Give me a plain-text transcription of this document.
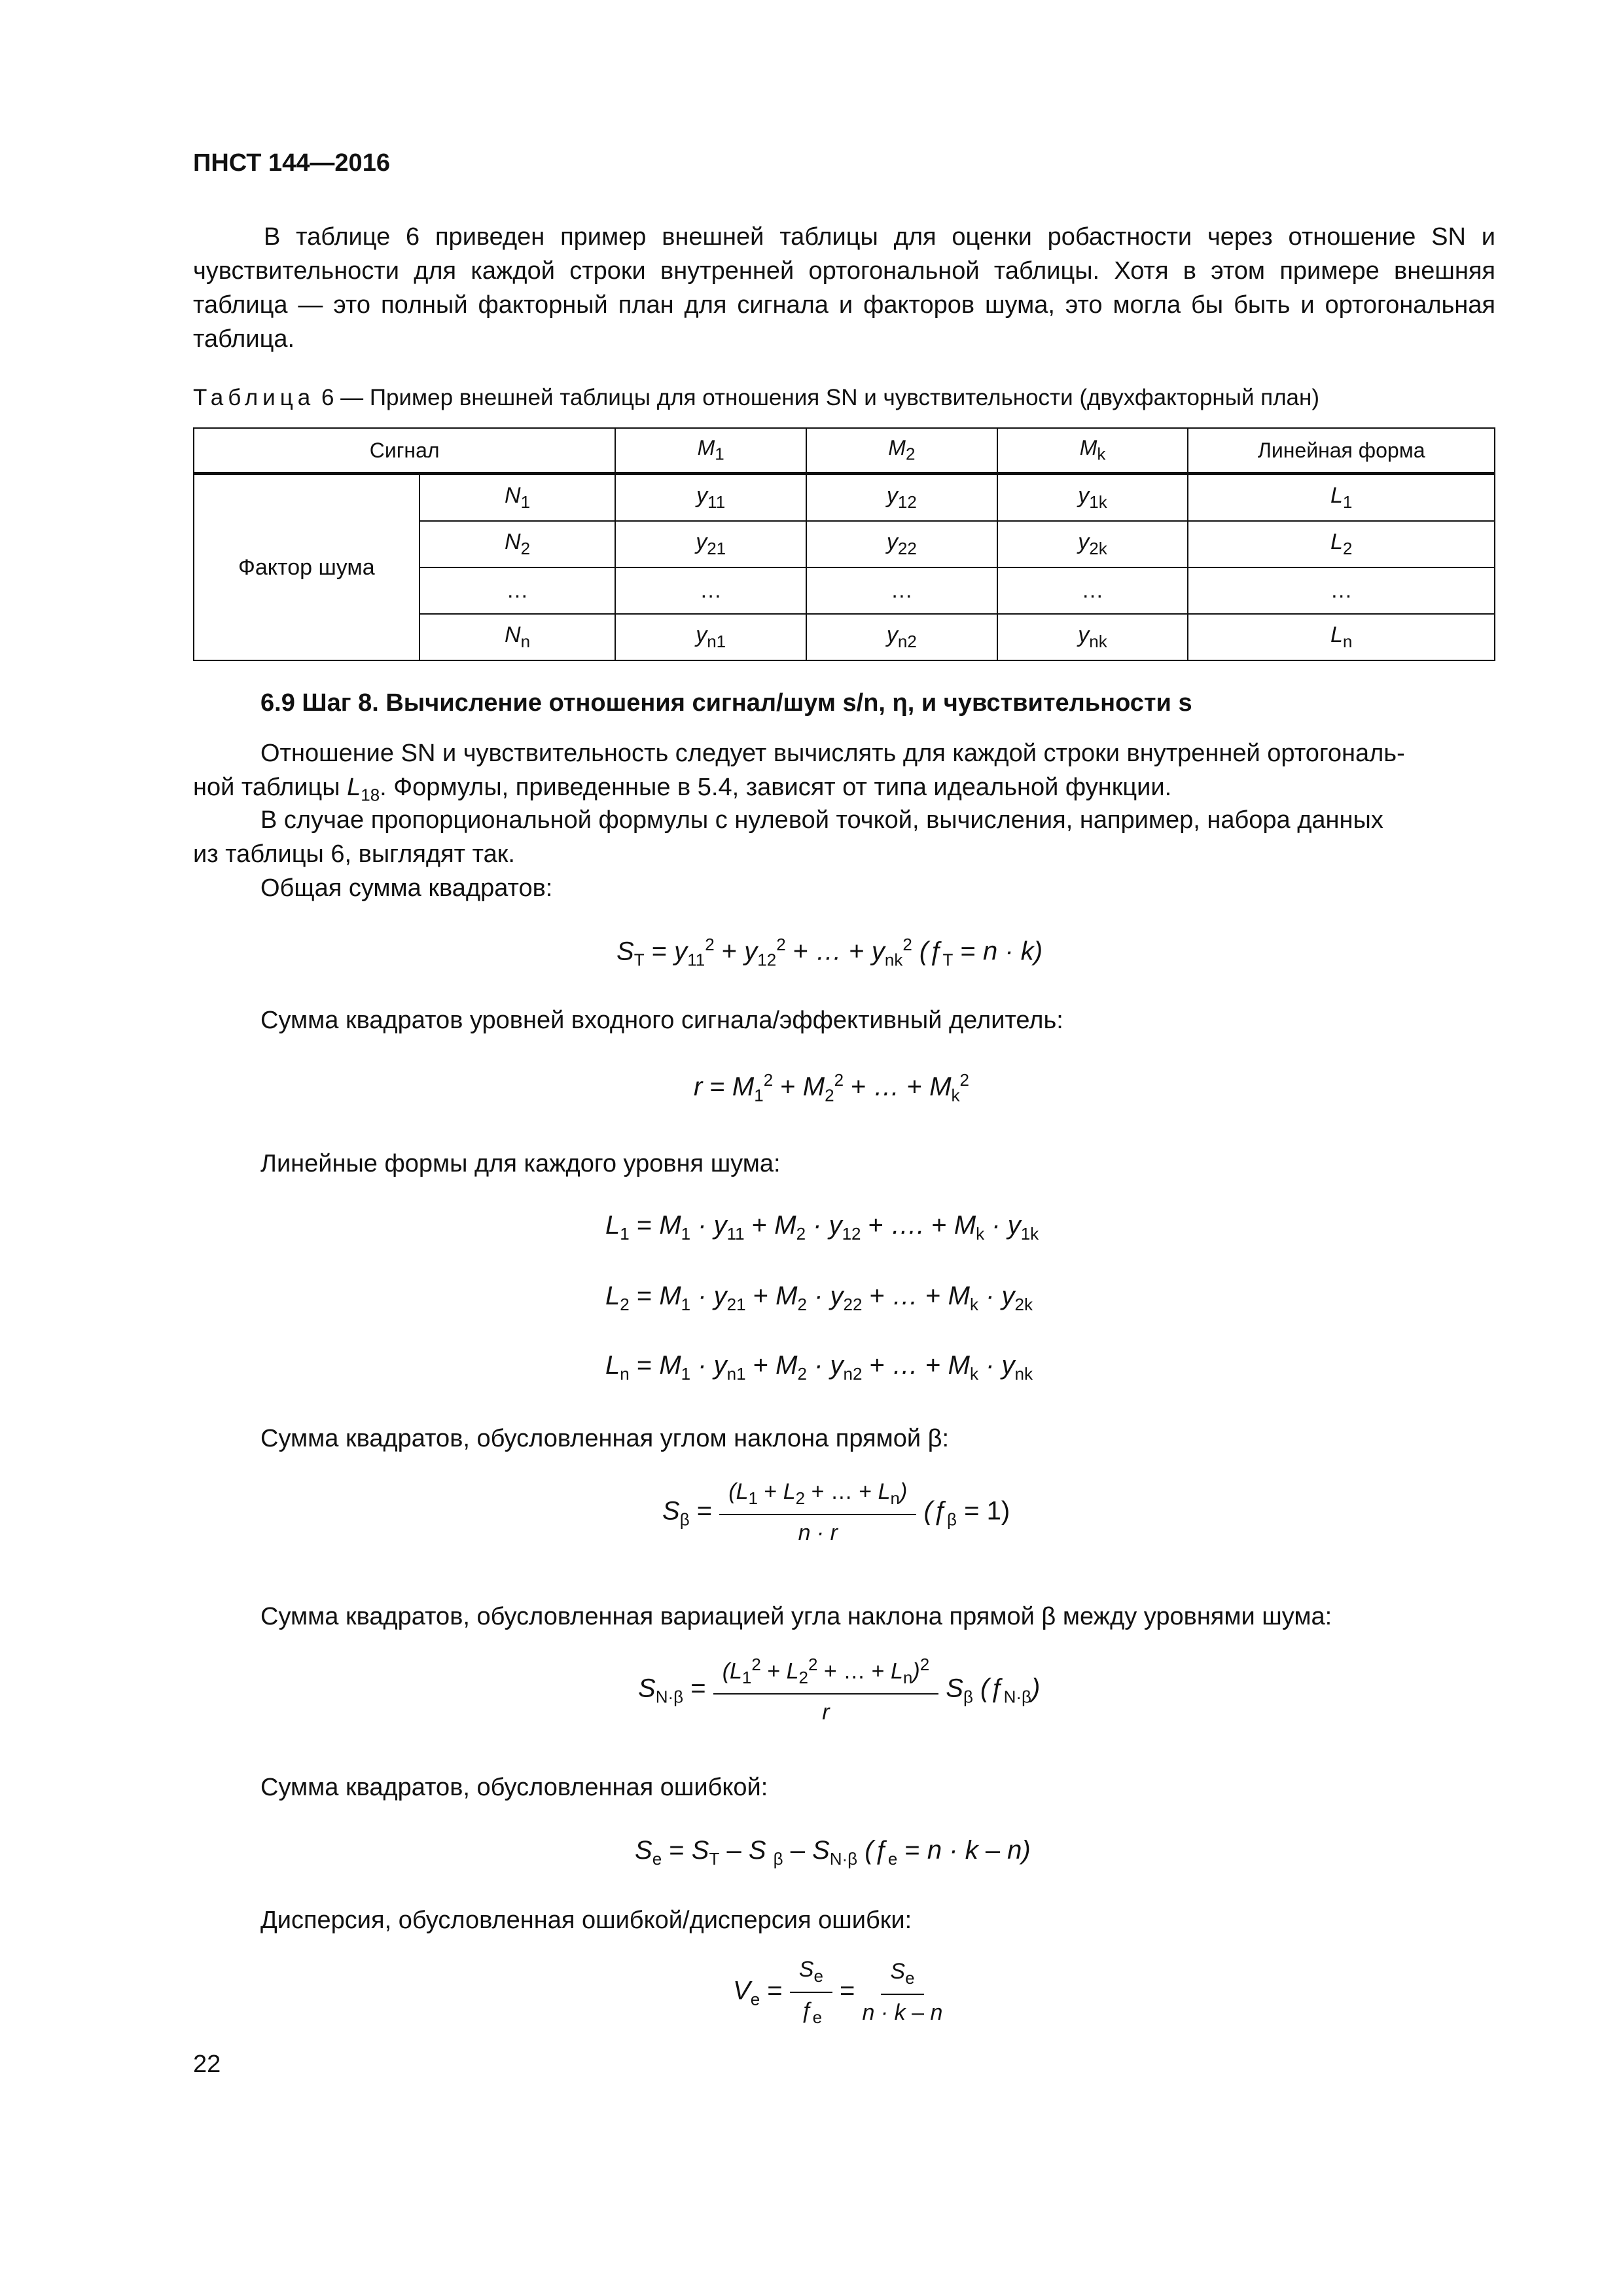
ПНСТ 144—2016
В таблице 6 приведен пример внешней таблицы для оценки робастности через отношение SN и чувствительности для каждой строки внутренней ортогональной таблицы. Хотя в этом примере внешняя таблица — это полный факторный план для сигнала и факторов шума, это могла бы быть и ортогональная таблица.
Таблица 6 — Пример внешней таблицы для отношения SN и чувствительности (двухфакторный план)
Сигнал		$M_1$	$M_2$	$M_k$	Линейная форма
Фактор шума	$N_1$	$y_{11}$	$y_{12}$	$y_{1k}$	$L_1$
	$N_2$	$y_{21}$	$y_{22}$	$y_{2k}$	$L_2$
	…	…	…	…	…
	$N_n$	$y_{n1}$	$y_{n2}$	$y_{nk}$	$L_n$
6.9 Шаг 8. Вычисление отношения сигнал/шум s/n, η, и чувствительности s
Отношение SN и чувствительность следует вычислять для каждой строки внутренней ортогональ-
ной таблицы $L_{18}$. Формулы, приведенные в 5.4, зависят от типа идеальной функции.
В случае пропорциональной формулы с нулевой точкой, вычисления, например, набора данных
из таблицы 6, выглядят так.
Общая сумма квадратов:
$S_T = y_{11}^2 + y_{12}^2$ + … + $y_{nk}^2$ $(ƒ_T = n \cdot k)$
Сумма квадратов уровней входного сигнала/эффективный делитель:
$r = M_1^2 + M_2^2$ + … + $M_k^2$
Линейные формы для каждого уровня шума:
$L_1 = M_1 \cdot y_{11} + M_2 \cdot y_{12}$ + …. + $M_k \cdot y_{1k}$
$L_2 = M_1 \cdot y_{21} + M_2 \cdot y_{22}$ + … + $M_k \cdot y_{2k}$
$L_n = M_1 \cdot y_{n1} + M_2 \cdot y_{n2}$ + … + $M_k \cdot y_{nk}$
Сумма квадратов, обусловленная углом наклона прямой β:
$S_\beta = \frac{(L_1 + L_2 + \dots + L_n)}{n \cdot r}$ $(ƒ_\beta = 1)$
Сумма квадратов, обусловленная вариацией угла наклона прямой β между уровнями шума:
$S_{N\cdot\beta} = \frac{(L_1^2 + L_2^2 + \dots + L_n)^2}{r} S_\beta$ $(ƒ_{N\cdot\beta})$
Сумма квадратов, обусловленная ошибкой:
$S_e = S_T - S$ $_\beta - S_{N\cdot\beta}$ $(ƒ_e = n \cdot k - n)$
Дисперсия, обусловленная ошибкой/дисперсия ошибки:
$V_e = \frac{S_e}{ƒ_e} = \frac{S_e}{n \cdot k - n}$
22
